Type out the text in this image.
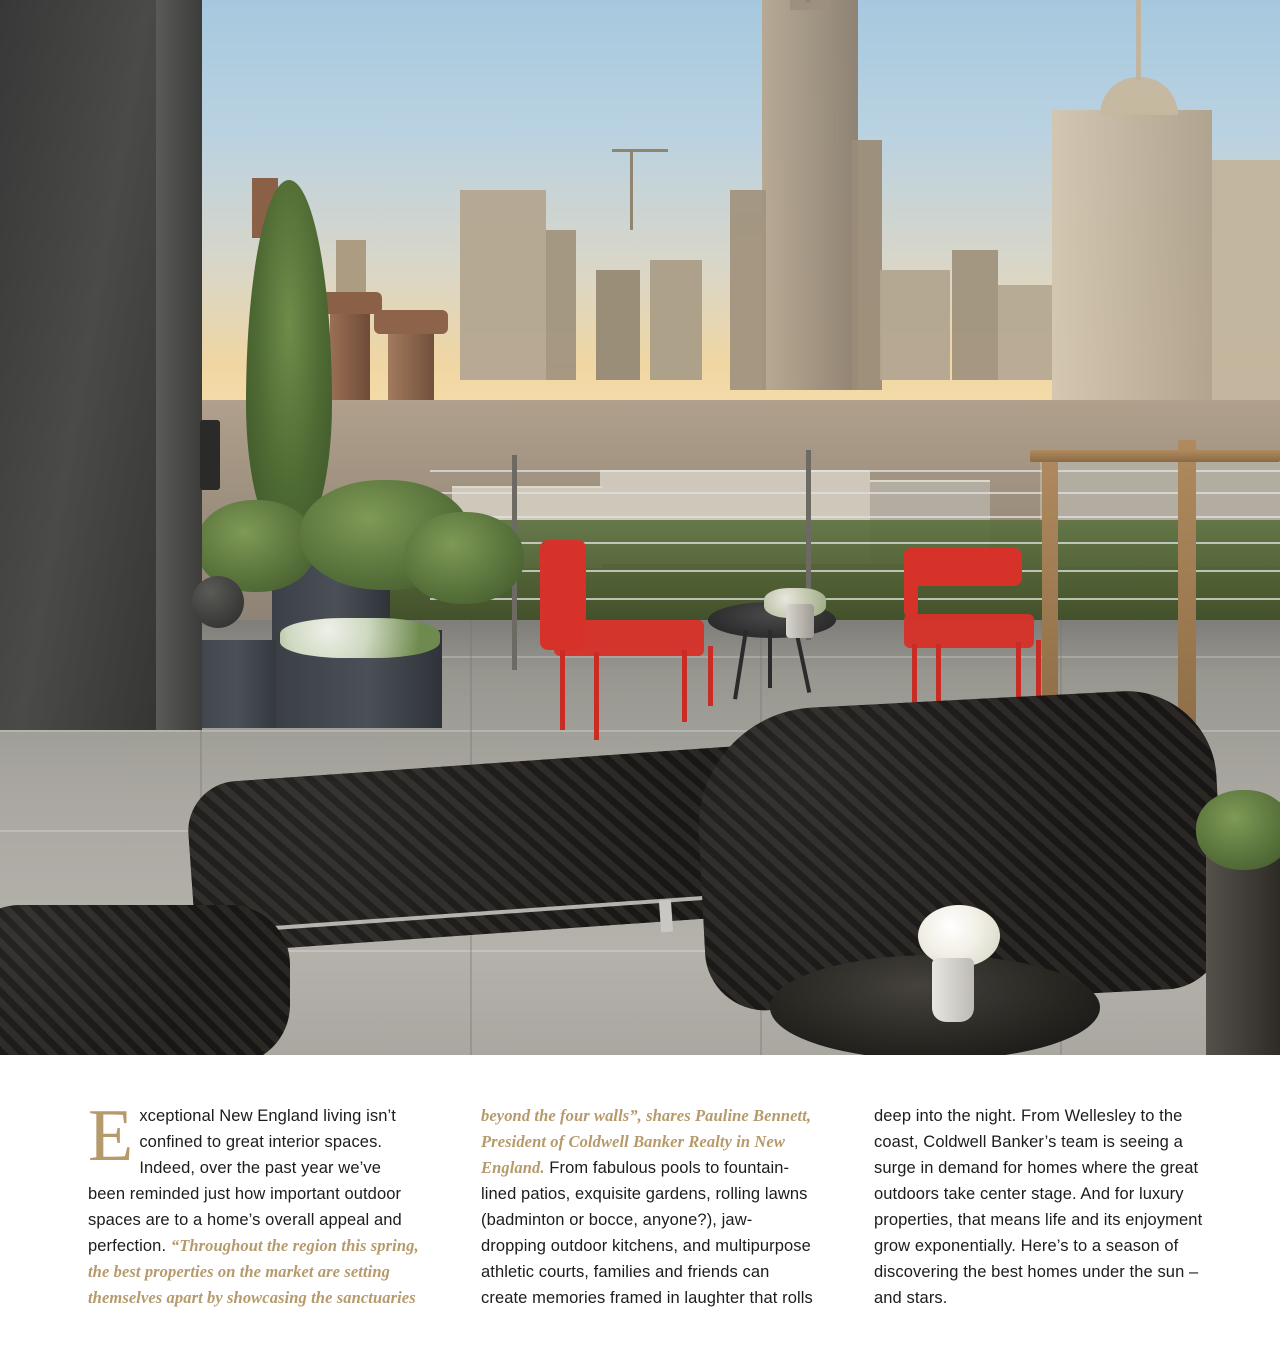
Exceptional New England living isn’t confined to great interior spaces. Indeed, over the past year we’ve been reminded just how important outdoor spaces are to a home’s overall appeal and perfection. “Throughout the region this spring, the best properties on the market are setting themselves apart by showcasing the sanctuaries

beyond the four walls”, shares Pauline Bennett, President of Coldwell Banker Realty in New England. From fabulous pools to fountain-lined patios, exquisite gardens, rolling lawns (badminton or bocce, anyone?), jaw-dropping outdoor kitchens, and multipurpose athletic courts, families and friends can create memories framed in laughter that rolls

deep into the night. From Wellesley to the coast, Coldwell Banker’s team is seeing a surge in demand for homes where the great outdoors take center stage. And for luxury properties, that means life and its enjoyment grow exponentially. Here’s to a season of discovering the best homes under the sun – and stars.
